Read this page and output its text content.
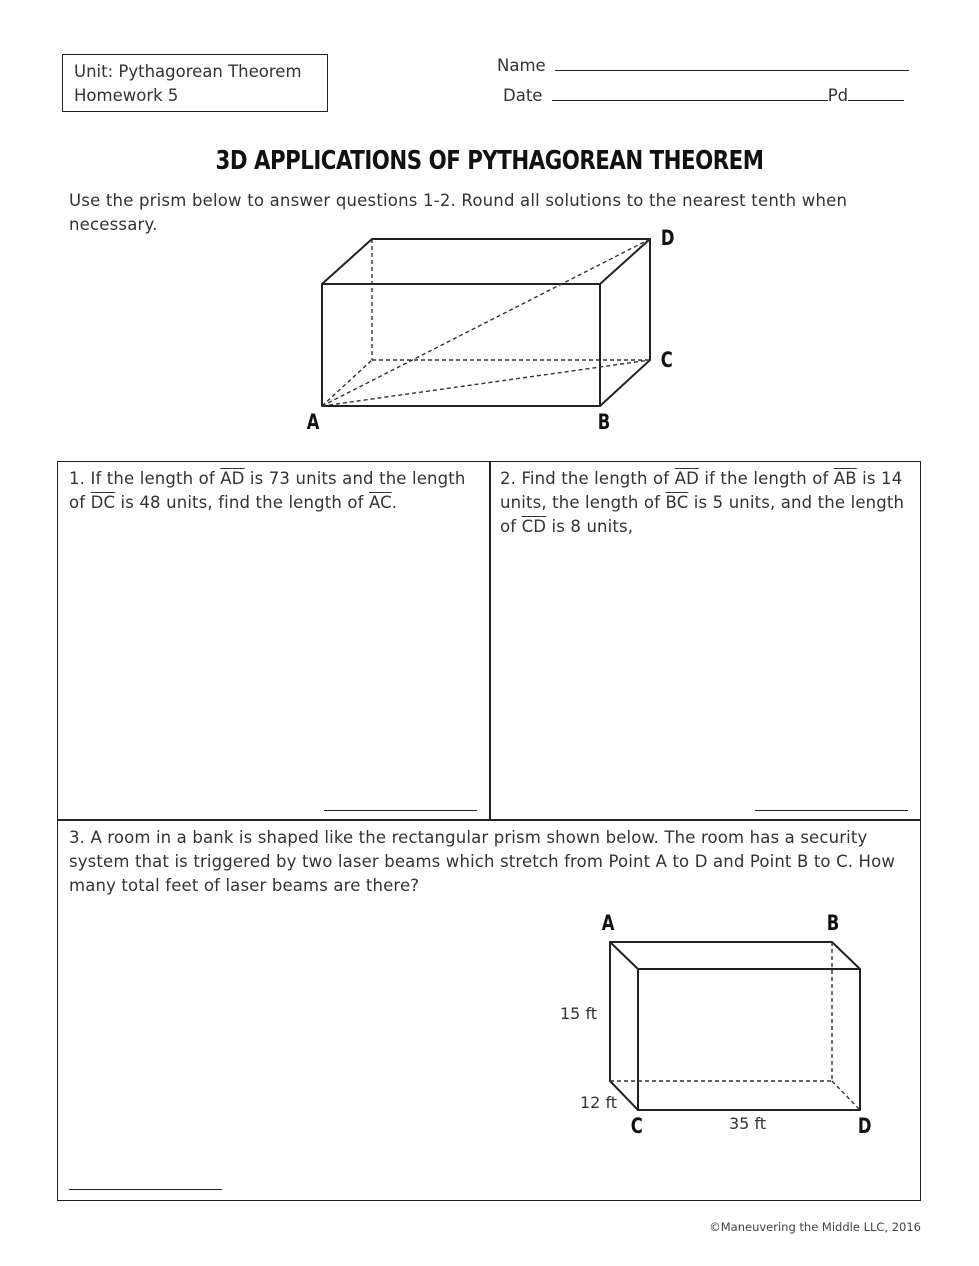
Unit: Pythagorean Theorem
Homework 5
Name
Date	Pd
3D APPLICATIONS OF PYTHAGOREAN THEOREM
Use the prism below to answer questions 1-2. Round all solutions to the nearest tenth when necessary.
A	B
C
D
1. If the length of $\overline{AD}$ is 73 units and the length of $\overline{DC}$ is 48 units, find the length of $\overline{AC}$.
2. Find the length of $\overline{AD}$ if the length of $\overline{AB}$ is 14 units, the length of $\overline{BC}$ is 5 units, and the length of $\overline{CD}$ is 8 units,
3. A room in a bank is shaped like the rectangular prism shown below. The room has a security system that is triggered by two laser beams which stretch from Point A to D and Point B to C. How many total feet of laser beams are there?
A	B
C	D
15 ft
12 ft
35 ft
©Maneuvering the Middle LLC, 2016
